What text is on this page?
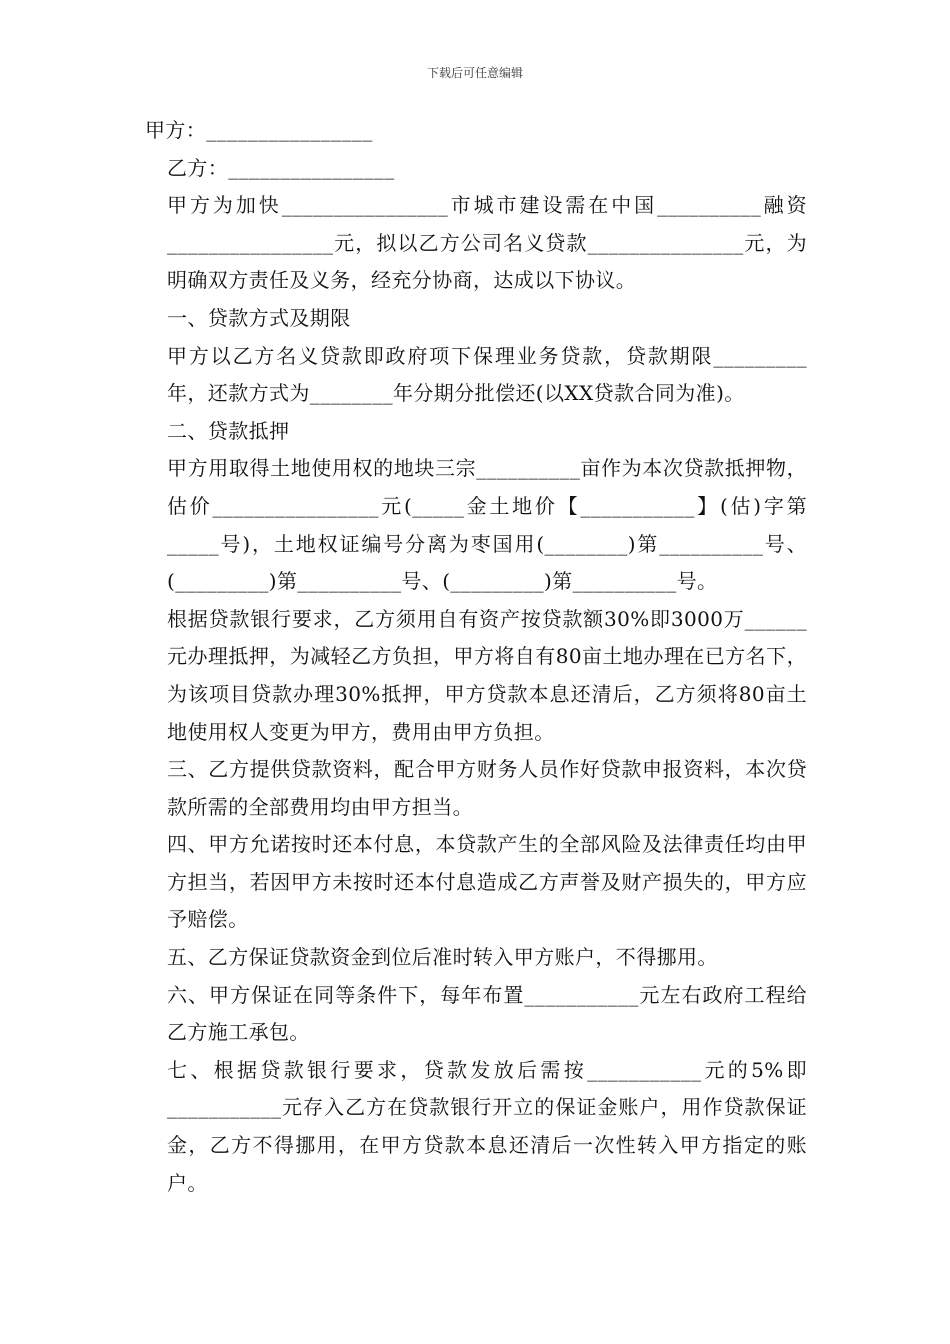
下载后可任意编辑

甲方：________________

乙方：________________

甲方为加快________________市城市建设需在中国__________融资________________元，拟以乙方公司名义贷款_______________元，为明确双方责任及义务，经充分协商，达成以下协议。

一、贷款方式及期限

甲方以乙方名义贷款即政府项下保理业务贷款，贷款期限_________年，还款方式为________年分期分批偿还(以XX贷款合同为准)。

二、贷款抵押

甲方用取得土地使用权的地块三宗__________亩作为本次贷款抵押物，估价________________元(_____金土地价【___________】(估)字第_____号)，土地权证编号分离为枣国用(________)第__________号、(_________)第__________号、(_________)第__________号。

根据贷款银行要求，乙方须用自有资产按贷款额30%即3000万______元办理抵押，为减轻乙方负担，甲方将自有80亩土地办理在已方名下，为该项目贷款办理30%抵押，甲方贷款本息还清后，乙方须将80亩土地使用权人变更为甲方，费用由甲方负担。

三、乙方提供贷款资料，配合甲方财务人员作好贷款申报资料，本次贷款所需的全部费用均由甲方担当。

四、甲方允诺按时还本付息，本贷款产生的全部风险及法律责任均由甲方担当，若因甲方未按时还本付息造成乙方声誉及财产损失的，甲方应予赔偿。

五、乙方保证贷款资金到位后准时转入甲方账户，不得挪用。

六、甲方保证在同等条件下，每年布置___________元左右政府工程给乙方施工承包。

七、根据贷款银行要求，贷款发放后需按___________元的5%即___________元存入乙方在贷款银行开立的保证金账户，用作贷款保证金，乙方不得挪用，在甲方贷款本息还清后一次性转入甲方指定的账户。
